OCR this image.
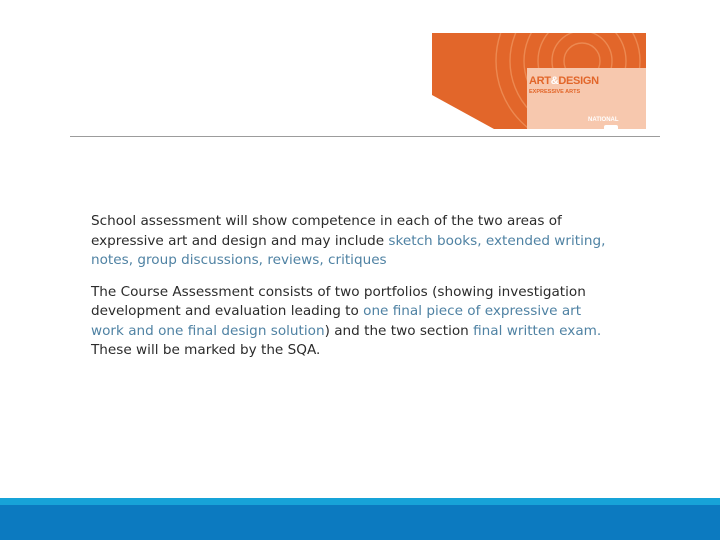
ART&DESIGN
EXPRESSIVE ARTS
NATIONAL

School assessment will show competence in each of the two areas of expressive art and design and may include sketch books, extended writing, notes, group discussions, reviews, critiques

The Course Assessment consists of two portfolios (showing investigation development and evaluation leading to one final piece of expressive art work and one final design solution) and the two section final written exam. These will be marked by the SQA.
